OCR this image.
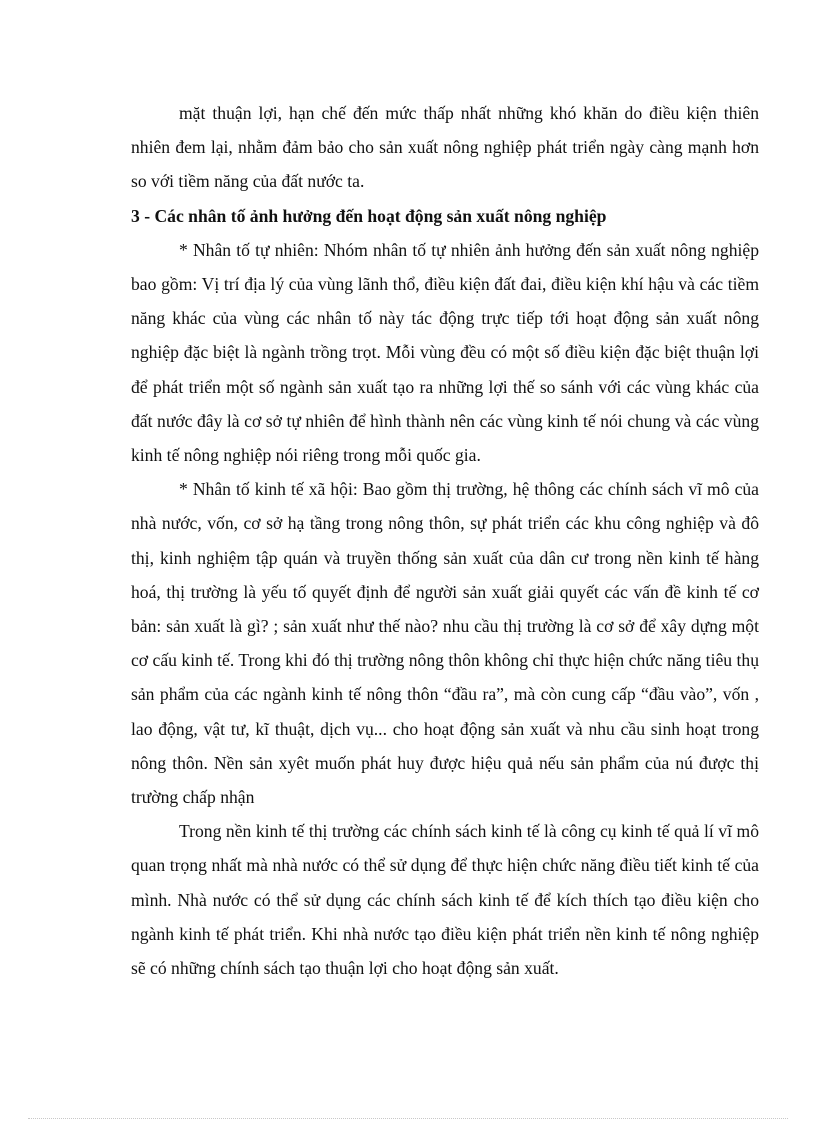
mặt thuận lợi, hạn chế đến mức thấp nhất những khó khăn do điều kiện thiên nhiên đem lại, nhằm đảm bảo cho sản xuất nông nghiệp phát triển ngày càng mạnh hơn so với tiềm năng của đất nước ta.

3 - Các nhân tố ảnh hưởng đến hoạt động sản xuất nông nghiệp

* Nhân tố tự nhiên: Nhóm nhân tố tự nhiên ảnh hưởng đến sản xuất nông nghiệp bao gồm: Vị trí địa lý của vùng lãnh thổ, điều kiện đất đai, điều kiện khí hậu và các tiềm năng khác của vùng các nhân tố này tác động trực tiếp tới hoạt động sản xuất nông nghiệp đặc biệt là ngành trồng trọt. Mỗi vùng đều có một số điều kiện đặc biệt thuận lợi để phát triển một số ngành sản xuất tạo ra những lợi thế so sánh với các vùng khác của đất nước đây là cơ sở tự nhiên để hình thành nên các vùng kinh tế nói chung và các vùng kinh tế nông nghiệp nói riêng trong mỗi quốc gia.

* Nhân tố kinh tế xã hội: Bao gồm thị trường, hệ thông các chính sách vĩ mô của nhà nước, vốn, cơ sở hạ tầng trong nông thôn, sự phát triển các khu công nghiệp và đô thị, kinh nghiệm tập quán và truyền thống sản xuất của dân cư trong nền kinh tế hàng hoá, thị trường là yếu tố quyết định để người sản xuất giải quyết các vấn đề kinh tế cơ bản: sản xuất là gì? ; sản xuất như thế nào? nhu cầu thị trường là cơ sở để xây dựng một cơ cấu kinh tế. Trong khi đó thị trường nông thôn không chỉ thực hiện chức năng tiêu thụ sản phẩm của các ngành kinh tế nông thôn “đầu ra”, mà còn cung cấp “đầu vào”, vốn , lao động, vật tư, kĩ thuật, dịch vụ... cho hoạt động sản xuất và nhu cầu sinh hoạt trong nông thôn. Nền sản xyêt muốn phát huy được hiệu quả nếu sản phẩm của nú được thị trường chấp nhận

Trong nền kinh tế thị trường các chính sách kinh tế là công cụ kinh tế quả lí vĩ mô quan trọng nhất mà nhà nước có thể sử dụng để thực hiện chức năng điều tiết kinh tế của mình. Nhà nước có thể sử dụng các chính sách kinh tế để kích thích tạo điều kiện cho ngành kinh tế phát triển. Khi nhà nước tạo điều kiện phát triển nền kinh tế nông nghiệp sẽ có những chính sách tạo thuận lợi cho hoạt động sản xuất.
